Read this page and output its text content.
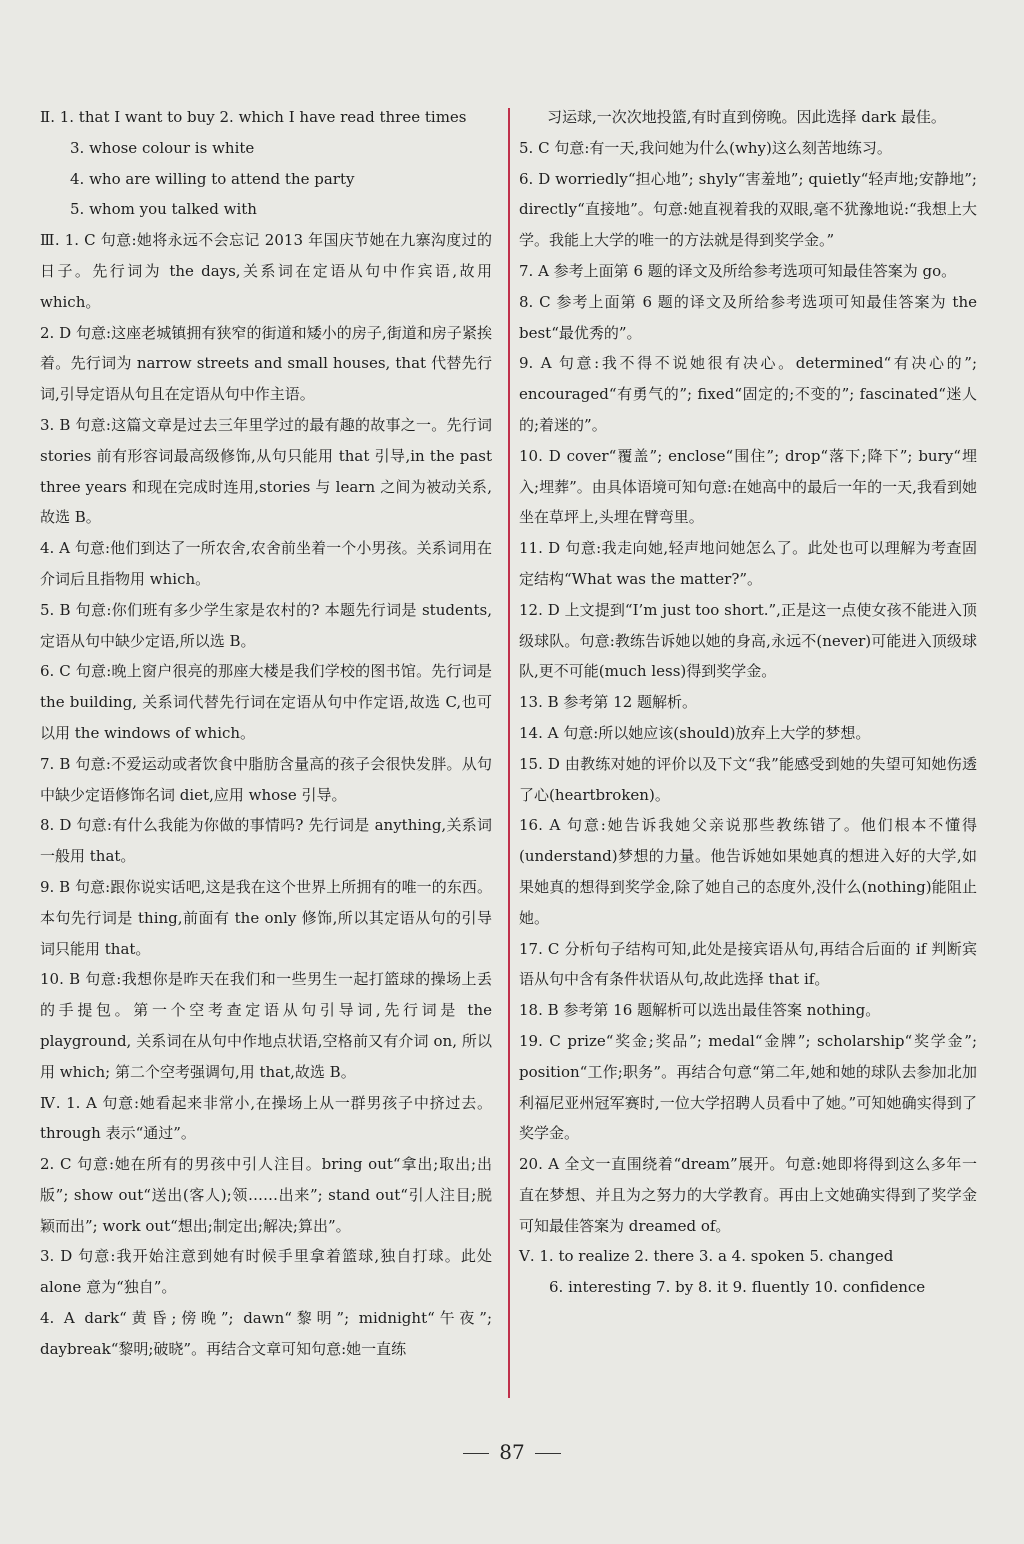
Ⅱ. 1. that I want to buy 2. which I have read three times

3. whose colour is white

4. who are willing to attend the party

5. whom you talked with

Ⅲ. 1. C 句意:她将永远不会忘记 2013 年国庆节她在九寨沟度过的日子。先行词为 the days,关系词在定语从句中作宾语,故用 which。

2. D 句意:这座老城镇拥有狭窄的街道和矮小的房子,街道和房子紧挨着。先行词为 narrow streets and small houses, that 代替先行词,引导定语从句且在定语从句中作主语。

3. B 句意:这篇文章是过去三年里学过的最有趣的故事之一。先行词 stories 前有形容词最高级修饰,从句只能用 that 引导,in the past three years 和现在完成时连用,stories 与 learn 之间为被动关系,故选 B。

4. A 句意:他们到达了一所农舍,农舍前坐着一个小男孩。关系词用在介词后且指物用 which。

5. B 句意:你们班有多少学生家是农村的? 本题先行词是 students,定语从句中缺少定语,所以选 B。

6. C 句意:晚上窗户很亮的那座大楼是我们学校的图书馆。先行词是 the building, 关系词代替先行词在定语从句中作定语,故选 C,也可以用 the windows of which。

7. B 句意:不爱运动或者饮食中脂肪含量高的孩子会很快发胖。从句中缺少定语修饰名词 diet,应用 whose 引导。

8. D 句意:有什么我能为你做的事情吗? 先行词是 anything,关系词一般用 that。

9. B 句意:跟你说实话吧,这是我在这个世界上所拥有的唯一的东西。本句先行词是 thing,前面有 the only 修饰,所以其定语从句的引导词只能用 that。

10. B 句意:我想你是昨天在我们和一些男生一起打篮球的操场上丢的手提包。第一个空考查定语从句引导词,先行词是 the playground, 关系词在从句中作地点状语,空格前又有介词 on, 所以用 which; 第二个空考强调句,用 that,故选 B。

Ⅳ. 1. A 句意:她看起来非常小,在操场上从一群男孩子中挤过去。through 表示“通过”。

2. C 句意:她在所有的男孩中引人注目。bring out“拿出;取出;出版”; show out“送出(客人);领……出来”; stand out“引人注目;脱颖而出”; work out“想出;制定出;解决;算出”。

3. D 句意:我开始注意到她有时候手里拿着篮球,独自打球。此处 alone 意为“独自”。

4. A dark“黄昏;傍晚”; dawn“黎明”; midnight“午夜”; daybreak“黎明;破晓”。再结合文章可知句意:她一直练

习运球,一次次地投篮,有时直到傍晚。因此选择 dark 最佳。

5. C 句意:有一天,我问她为什么(why)这么刻苦地练习。

6. D worriedly“担心地”; shyly“害羞地”; quietly“轻声地;安静地”; directly“直接地”。句意:她直视着我的双眼,毫不犹豫地说:“我想上大学。我能上大学的唯一的方法就是得到奖学金。”

7. A 参考上面第 6 题的译文及所给参考选项可知最佳答案为 go。

8. C 参考上面第 6 题的译文及所给参考选项可知最佳答案为 the best“最优秀的”。

9. A 句意:我不得不说她很有决心。determined“有决心的”; encouraged“有勇气的”; fixed“固定的;不变的”; fascinated“迷人的;着迷的”。

10. D cover“覆盖”; enclose“围住”; drop“落下;降下”; bury“埋入;埋葬”。由具体语境可知句意:在她高中的最后一年的一天,我看到她坐在草坪上,头埋在臂弯里。

11. D 句意:我走向她,轻声地问她怎么了。此处也可以理解为考查固定结构“What was the matter?”。

12. D 上文提到“I’m just too short.”,正是这一点使女孩不能进入顶级球队。句意:教练告诉她以她的身高,永远不(never)可能进入顶级球队,更不可能(much less)得到奖学金。

13. B 参考第 12 题解析。

14. A 句意:所以她应该(should)放弃上大学的梦想。

15. D 由教练对她的评价以及下文“我”能感受到她的失望可知她伤透了心(heartbroken)。

16. A 句意:她告诉我她父亲说那些教练错了。他们根本不懂得(understand)梦想的力量。他告诉她如果她真的想进入好的大学,如果她真的想得到奖学金,除了她自己的态度外,没什么(nothing)能阻止她。

17. C 分析句子结构可知,此处是接宾语从句,再结合后面的 if 判断宾语从句中含有条件状语从句,故此选择 that if。

18. B 参考第 16 题解析可以选出最佳答案 nothing。

19. C prize“奖金;奖品”; medal“金牌”; scholarship“奖学金”; position“工作;职务”。再结合句意“第二年,她和她的球队去参加北加利福尼亚州冠军赛时,一位大学招聘人员看中了她。”可知她确实得到了奖学金。

20. A 全文一直围绕着“dream”展开。句意:她即将得到这么多年一直在梦想、并且为之努力的大学教育。再由上文她确实得到了奖学金可知最佳答案为 dreamed of。

Ⅴ. 1. to realize 2. there 3. a 4. spoken 5. changed

6. interesting 7. by 8. it 9. fluently 10. confidence

87
